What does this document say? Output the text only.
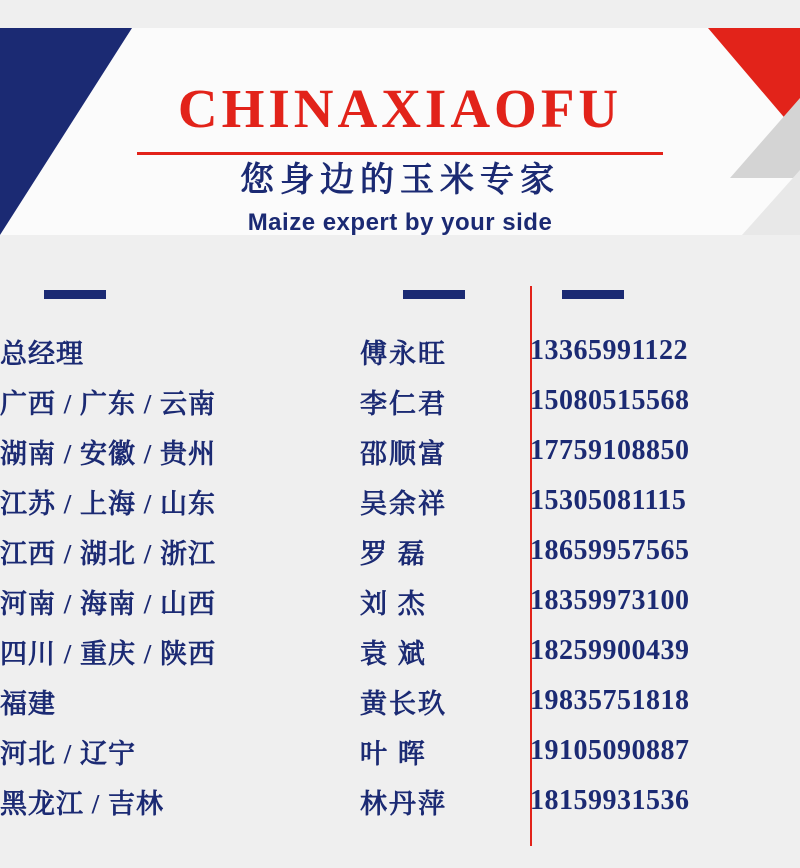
CHINAXIAOFU
您身边的玉米专家
Maize expert by your side
总经理	傅永旺	13365991122
广西 / 广东 / 云南	李仁君	15080515568
湖南 / 安徽 / 贵州	邵顺富	17759108850
江苏 / 上海 / 山东	吴余祥	15305081115
江西 / 湖北 / 浙江	罗 磊	18659957565
河南 / 海南 / 山西	刘 杰	18359973100
四川 / 重庆 / 陕西	袁 斌	18259900439
福建	黄长玖	19835751818
河北 / 辽宁	叶 晖	19105090887
黑龙江 / 吉林	林丹萍	18159931536
